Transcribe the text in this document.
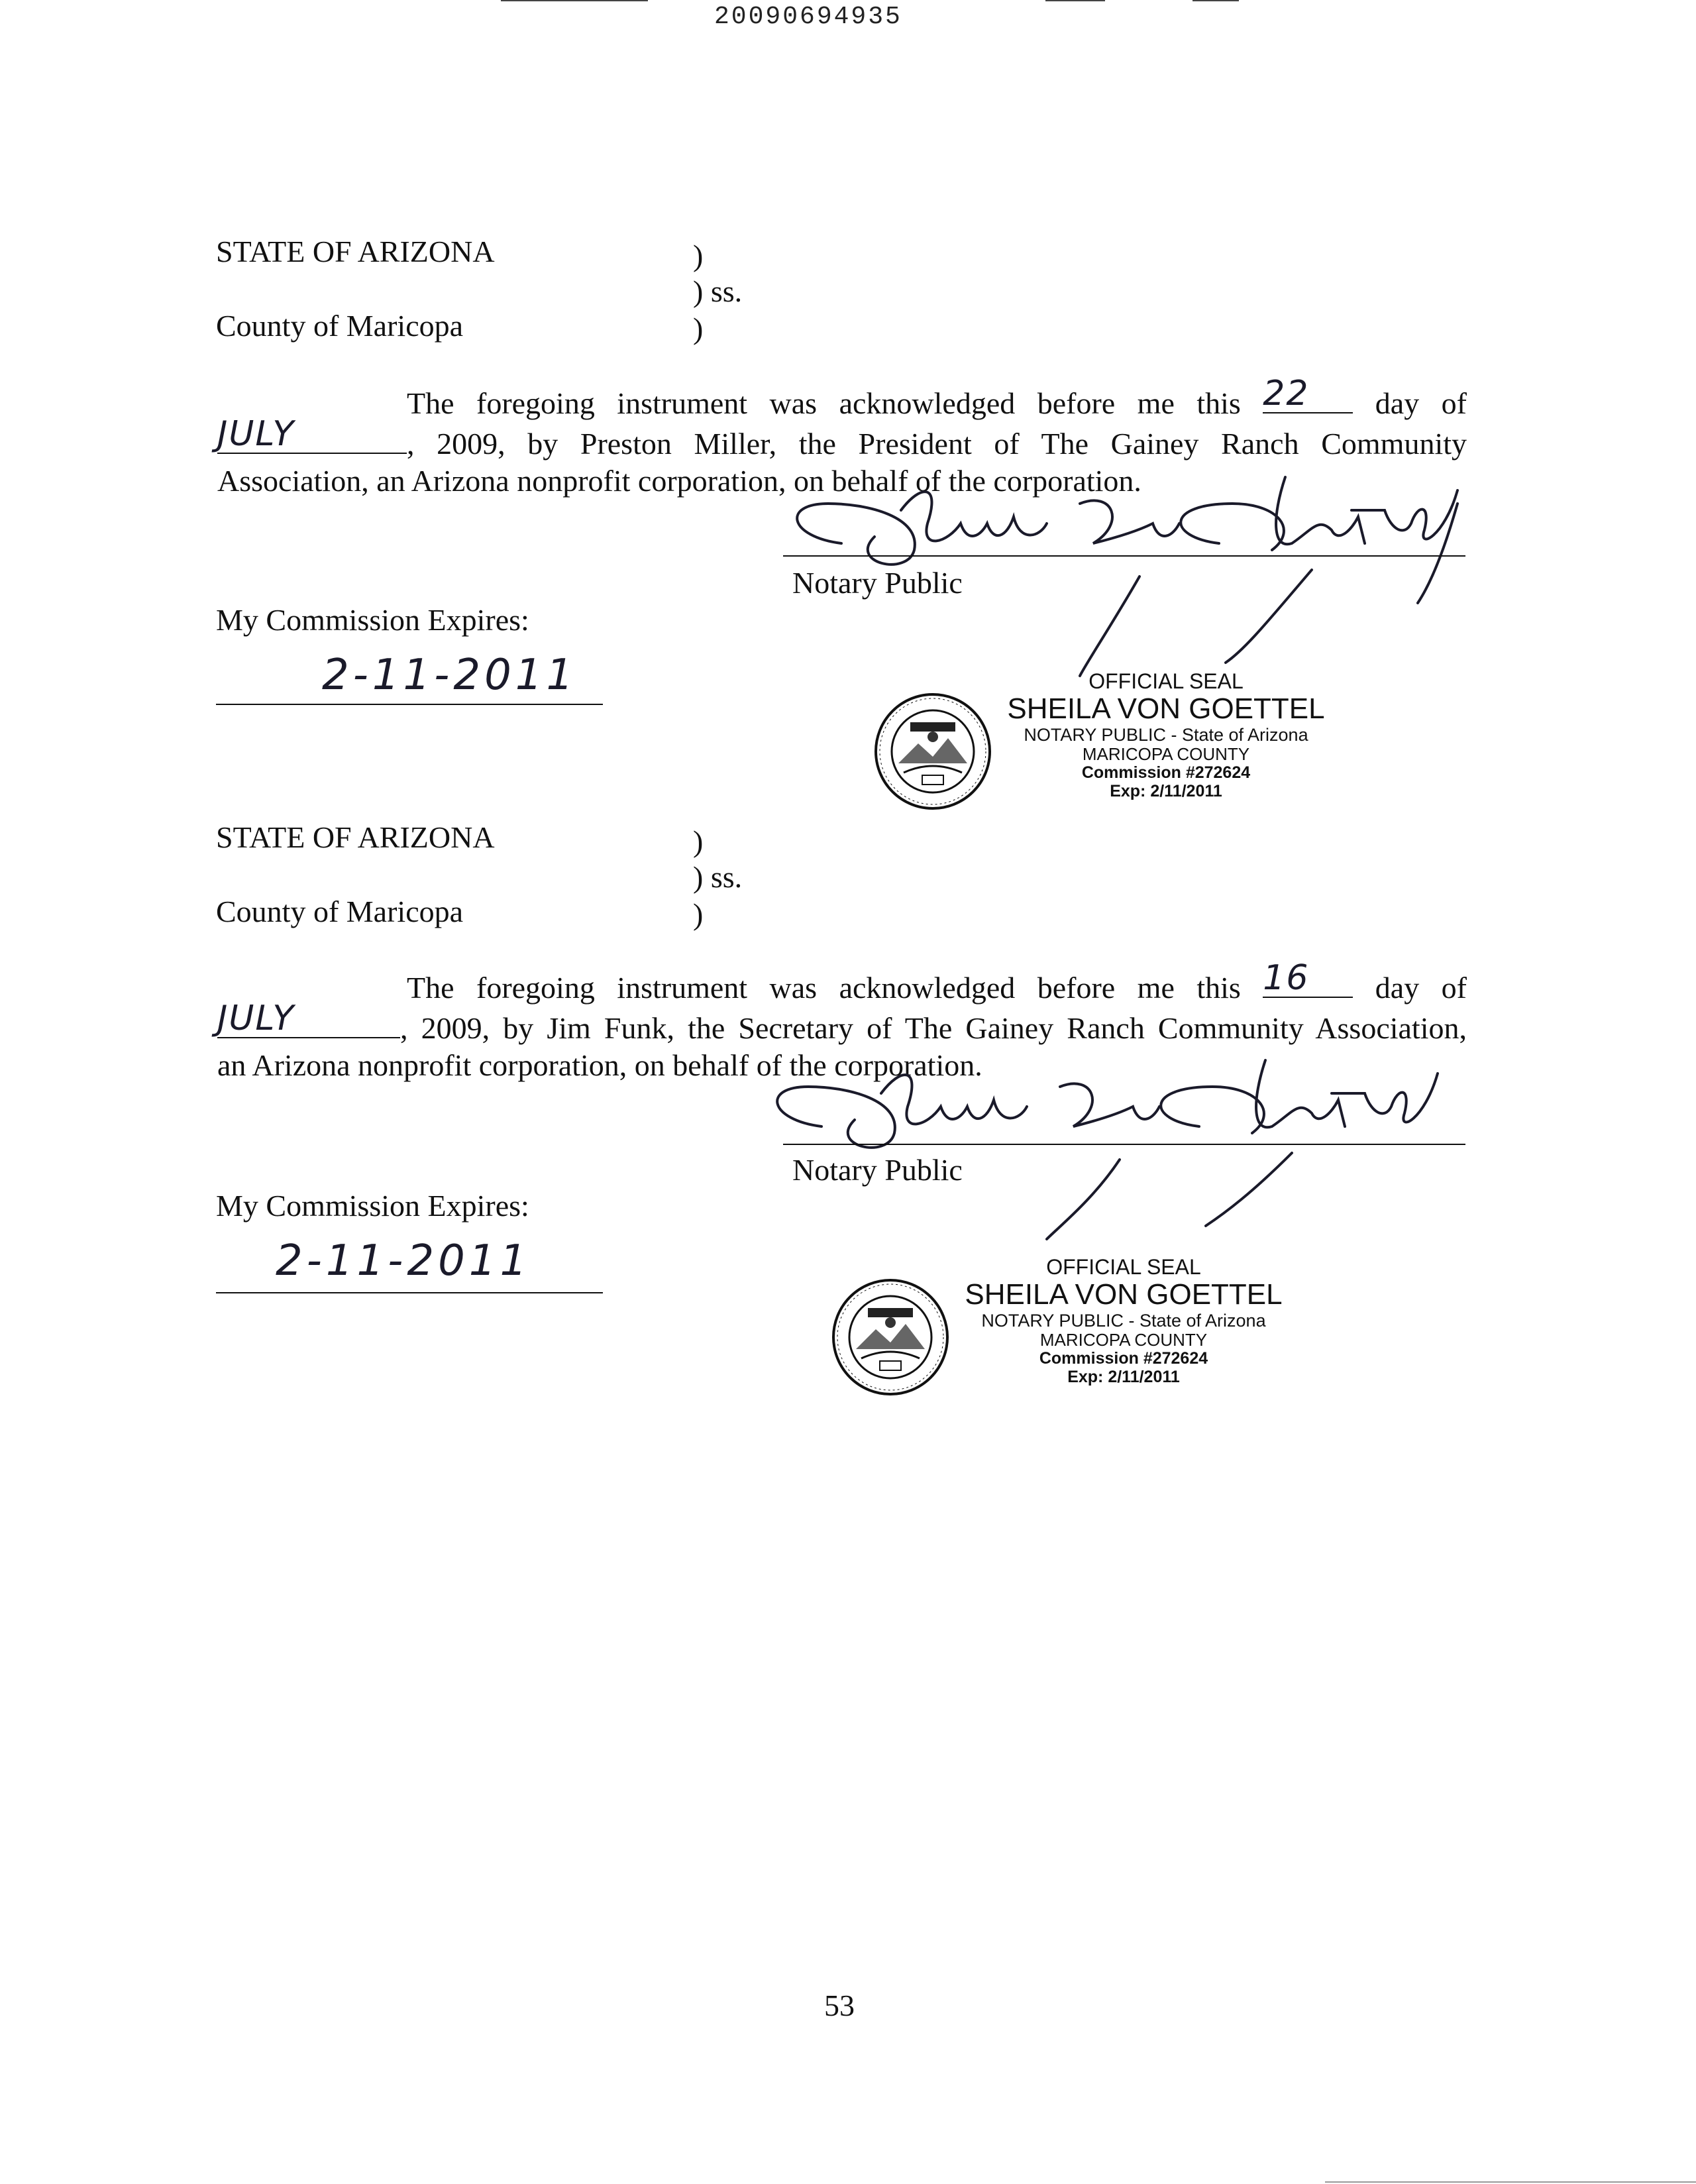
20090694935
STATE OF ARIZONA	)
) ss.
County of Maricopa	)
The foregoing instrument was acknowledged before me this 22	day of
JULY	, 2009, by Preston Miller, the President of The Gainey Ranch Community
Association, an Arizona nonprofit corporation, on behalf of the corporation.
Notary Public
My Commission Expires:
2-11-2011	OFFICIAL SEAL
SHEILA VON GOETTEL
NOTARY PUBLIC - State of Arizona
MARICOPA COUNTY
Commission #272624
Exp: 2/11/2011
STATE OF ARIZONA	)
) ss.
County of Maricopa	)
The foregoing instrument was acknowledged before me this 16	day of
JULY	, 2009, by Jim Funk, the Secretary of The Gainey Ranch Community Association,
an Arizona nonprofit corporation, on behalf of the corporation.
Notary Public
My Commission Expires:
2-11-2011	OFFICIAL SEAL
SHEILA VON GOETTEL
NOTARY PUBLIC - State of Arizona
MARICOPA COUNTY
Commission #272624
Exp: 2/11/2011
53
